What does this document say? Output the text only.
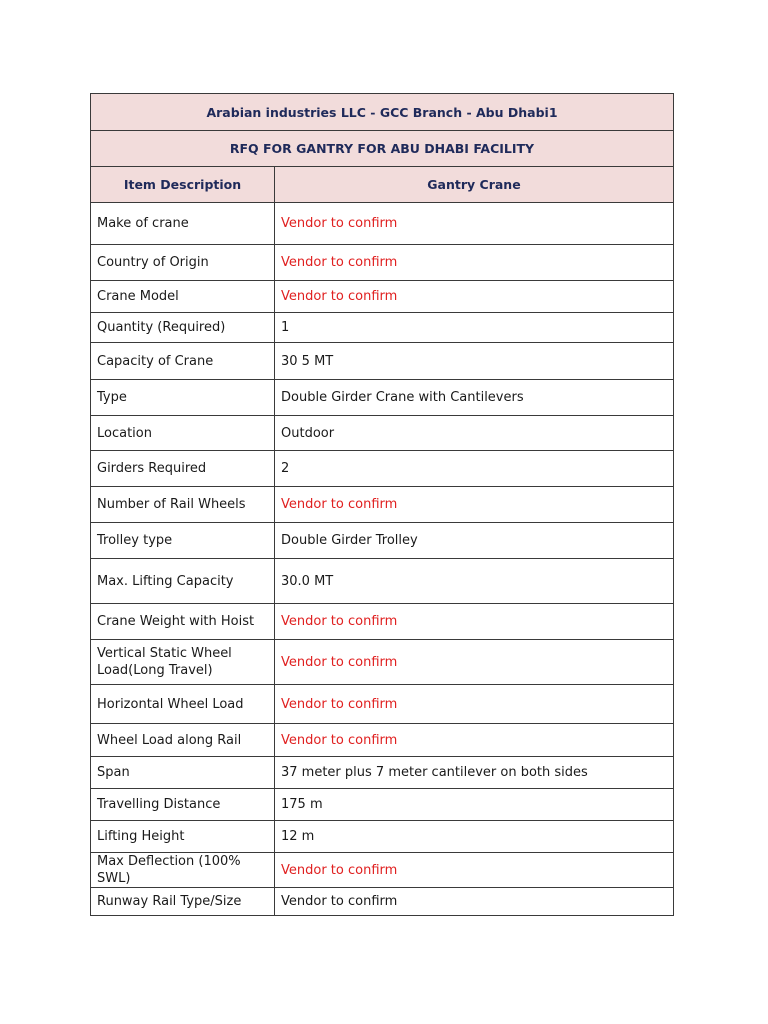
Arabian industries LLC - GCC Branch - Abu Dhabi1	
RFQ FOR GANTRY FOR ABU DHABI FACILITY	
Item Description	Gantry Crane
Make of crane	Vendor to confirm
Country of Origin	Vendor to confirm
Crane Model	Vendor to confirm
Quantity (Required)	1
Capacity of Crane	30 5 MT
Type	Double Girder Crane with Cantilevers
Location	Outdoor
Girders Required	2
Number of Rail Wheels	Vendor to confirm
Trolley type	Double Girder Trolley
Max. Lifting Capacity	30.0 MT
Crane Weight with Hoist	Vendor to confirm
Vertical Static Wheel Load(Long Travel)	Vendor to confirm
Horizontal Wheel Load	Vendor to confirm
Wheel Load along Rail	Vendor to confirm
Span	37 meter plus 7 meter cantilever on both sides
Travelling Distance	175 m
Lifting Height	12 m
Max Deflection (100% SWL)	Vendor to confirm
Runway Rail Type/Size	Vendor to confirm
